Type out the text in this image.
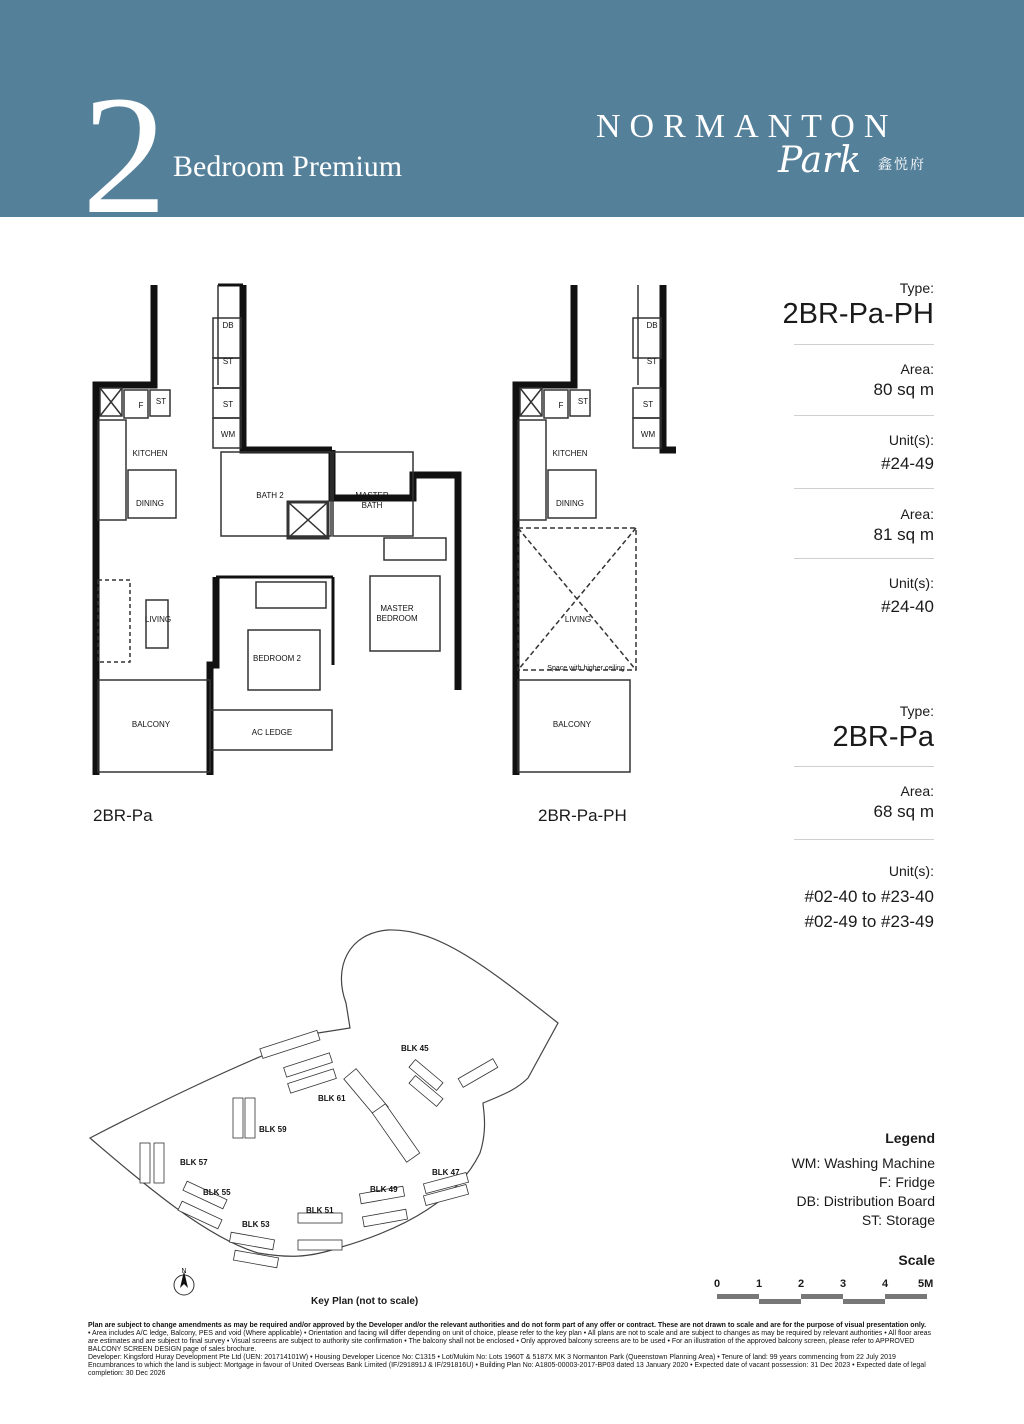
2 Bedroom Premium
NORMANTON
Park 鑫悦府
DB
ST
ST
WM
F ST
KITCHEN
DINING
LIVING
BATH 2	MASTER
BATH
MASTER
BEDROOM
BEDROOM 2
BALCONY
AC LEDGE
2BR-Pa
DB
ST
ST
WM
F ST
KITCHEN
DINING
LIVING
Space with higher ceiling
BALCONY
2BR-Pa-PH
Type:
2BR-Pa-PH
Area:
80 sq m
Unit(s):
#24-49
Area:
81 sq m
Unit(s):
#24-40
Type:
2BR-Pa
Area:
68 sq m
Unit(s):
#02-40 to #23-40
#02-49 to #23-49
BLK 45
BLK 61
BLK 59
BLK 57
BLK 55
BLK 53
BLK 51
BLK 49
BLK 47
N
Key Plan (not to scale)
Legend
WM: Washing Machine
F: Fridge
DB: Distribution Board
ST: Storage
Scale
0	1	2	3	4	5M

Plan are subject to change amendments as may be required and/or approved by the Developer and/or the relevant authorities and do not form part of any offer or contract. These are not drawn to scale and are for the purpose of visual presentation only.

• Area includes A/C ledge, Balcony, PES and void (Where applicable) • Orientation and facing will differ depending on unit of choice, please refer to the key plan • All plans are not to scale and are subject to changes as may be required by relevant authorities • All floor areas are estimates and are subject to final survey • Visual screens are subject to authority site confirmation • The balcony shall not be enclosed • Only approved balcony screens are to be used • For an illustration of the approved balcony screen, please refer to APPROVED BALCONY SCREEN DESIGN page of sales brochure.

Developer: Kingsford Huray Development Pte Ltd (UEN: 201714101W) • Housing Developer Licence No: C1315 • Lot/Mukim No: Lots 1960T & 5187X MK 3 Normanton Park (Queenstown Planning Area) • Tenure of land: 99 years commencing from 22 July 2019 Encumbrances to which the land is subject: Mortgage in favour of United Overseas Bank Limited (IF/291891J & IF/291816U) • Building Plan No: A1805-00003-2017-BP03 dated 13 January 2020 • Expected date of vacant possession: 31 Dec 2023 • Expected date of legal completion: 30 Dec 2026
